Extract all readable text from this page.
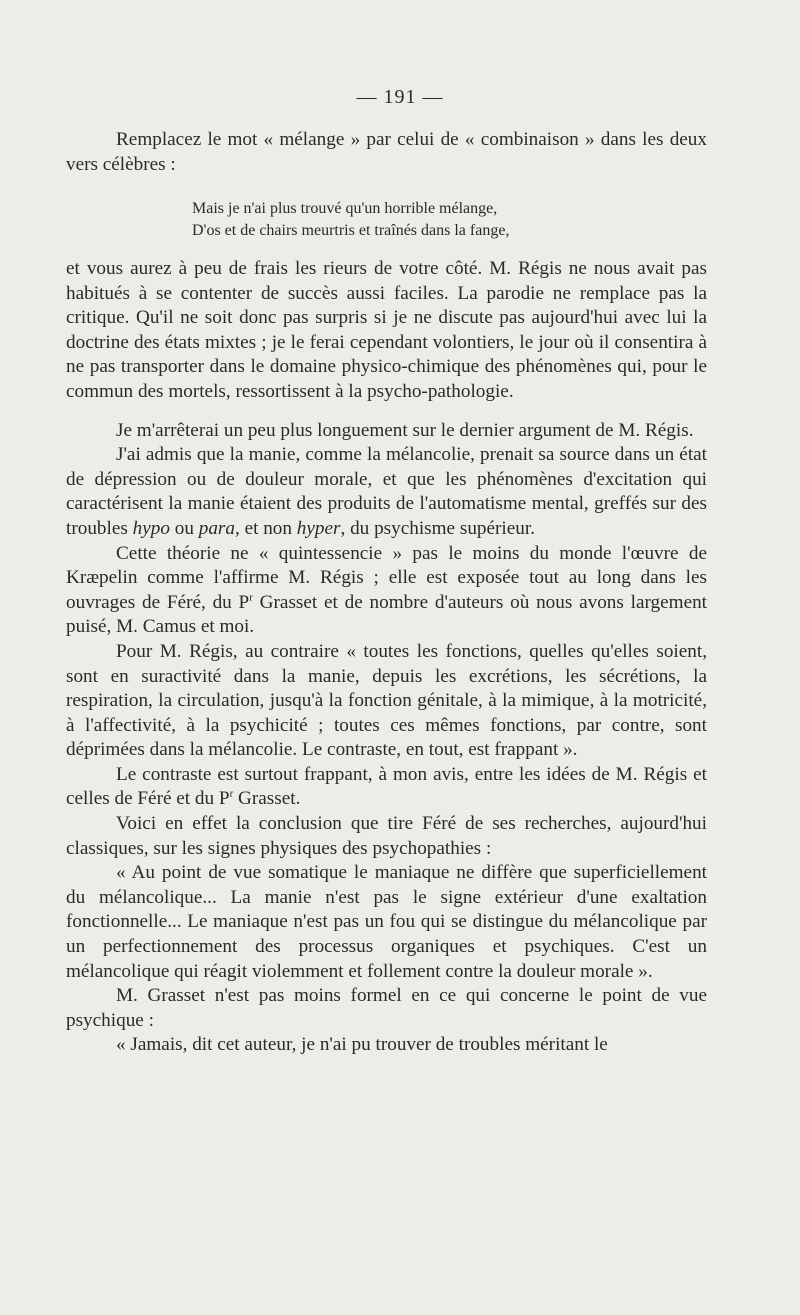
— 191 —

Remplacez le mot « mélange » par celui de « combinaison » dans les deux vers célèbres :

Mais je n'ai plus trouvé qu'un horrible mélange,
D'os et de chairs meurtris et traînés dans la fange,

et vous aurez à peu de frais les rieurs de votre côté. M. Régis ne nous avait pas habitués à se contenter de succès aussi faciles. La parodie ne remplace pas la critique. Qu'il ne soit donc pas surpris si je ne discute pas aujourd'hui avec lui la doctrine des états mixtes ; je le ferai cependant volontiers, le jour où il consentira à ne pas transporter dans le domaine physico-chimique des phénomènes qui, pour le commun des mortels, ressortissent à la psycho-pathologie.

Je m'arrêterai un peu plus longuement sur le dernier argument de M. Régis.

J'ai admis que la manie, comme la mélancolie, prenait sa source dans un état de dépression ou de douleur morale, et que les phénomènes d'excitation qui caractérisent la manie étaient des produits de l'automatisme mental, greffés sur des troubles hypo ou para, et non hyper, du psychisme supérieur.

Cette théorie ne « quintessencie » pas le moins du monde l'œuvre de Kræpelin comme l'affirme M. Régis ; elle est exposée tout au long dans les ouvrages de Féré, du $P^r$ Grasset et de nombre d'auteurs où nous avons largement puisé, M. Camus et moi.

Pour M. Régis, au contraire « toutes les fonctions, quelles qu'elles soient, sont en suractivité dans la manie, depuis les excrétions, les sécrétions, la respiration, la circulation, jusqu'à la fonction génitale, à la mimique, à la motricité, à l'affectivité, à la psychicité ; toutes ces mêmes fonctions, par contre, sont déprimées dans la mélancolie. Le contraste, en tout, est frappant ».

Le contraste est surtout frappant, à mon avis, entre les idées de M. Régis et celles de Féré et du $P^r$ Grasset.

Voici en effet la conclusion que tire Féré de ses recherches, aujourd'hui classiques, sur les signes physiques des psychopathies :

« Au point de vue somatique le maniaque ne diffère que superficiellement du mélancolique... La manie n'est pas le signe extérieur d'une exaltation fonctionnelle... Le maniaque n'est pas un fou qui se distingue du mélancolique par un perfectionnement des processus organiques et psychiques. C'est un mélancolique qui réagit violemment et follement contre la douleur morale ».

M. Grasset n'est pas moins formel en ce qui concerne le point de vue psychique :

« Jamais, dit cet auteur, je n'ai pu trouver de troubles méritant le
